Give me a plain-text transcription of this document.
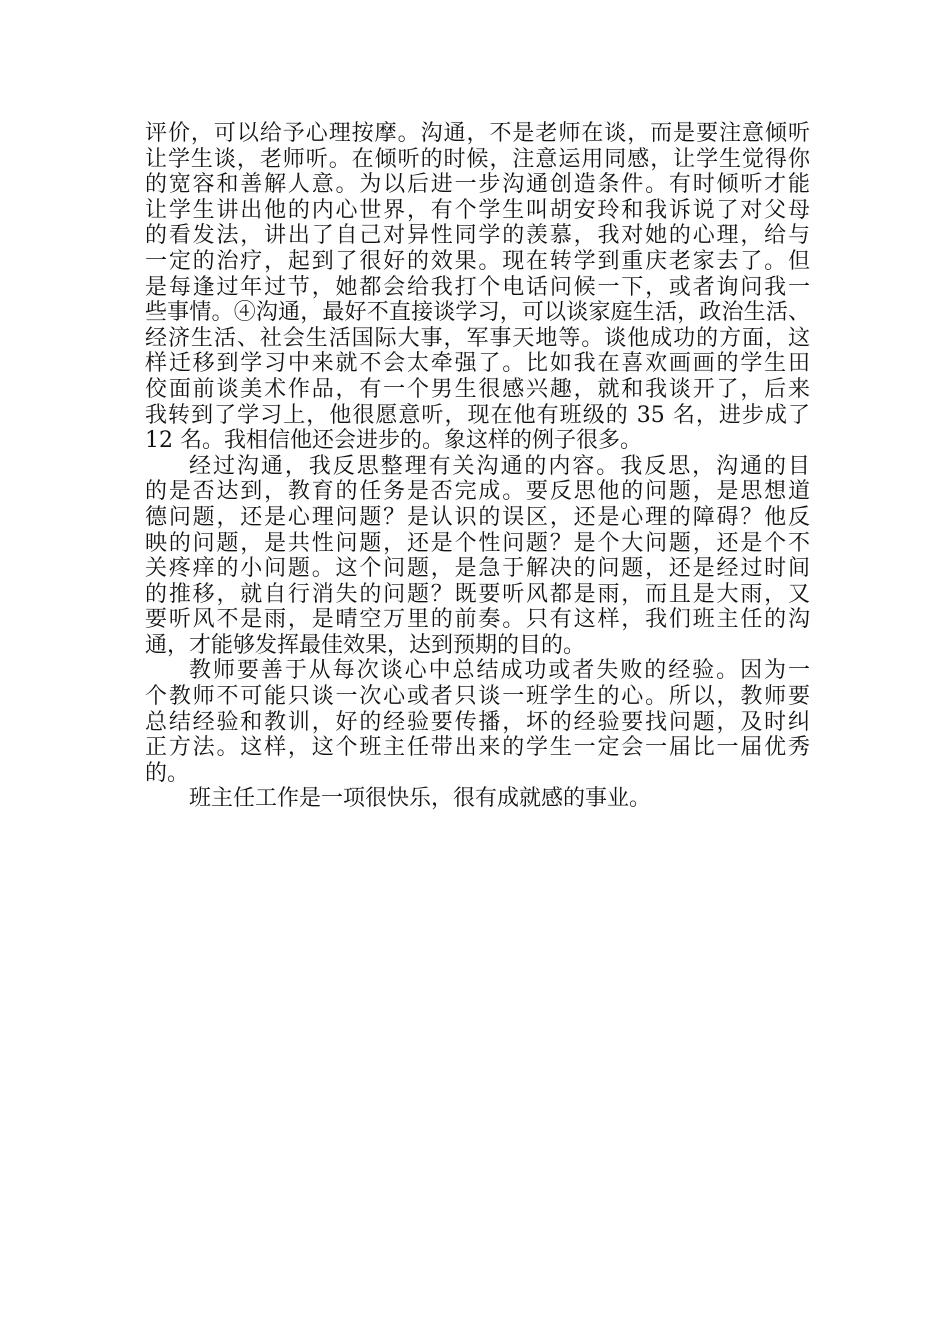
评价，可以给予心理按摩。沟通，不是老师在谈，而是要注意倾听
让学生谈，老师听。在倾听的时候，注意运用同感，让学生觉得你
的宽容和善解人意。为以后进一步沟通创造条件。有时倾听才能
让学生讲出他的内心世界，有个学生叫胡安玲和我诉说了对父母
的看发法，讲出了自己对异性同学的羡慕，我对她的心理，给与
一定的治疗，起到了很好的效果。现在转学到重庆老家去了。但
是每逢过年过节，她都会给我打个电话问候一下，或者询问我一
些事情。④沟通，最好不直接谈学习，可以谈家庭生活，政治生活、
经济生活、社会生活国际大事，军事天地等。谈他成功的方面，这
样迁移到学习中来就不会太牵强了。比如我在喜欢画画的学生田
佼面前谈美术作品，有一个男生很感兴趣，就和我谈开了，后来
我转到了学习上，他很愿意听，现在他有班级的 35 名，进步成了
12 名。我相信他还会进步的。象这样的例子很多。
经过沟通，我反思整理有关沟通的内容。我反思，沟通的目
的是否达到，教育的任务是否完成。要反思他的问题，是思想道
德问题，还是心理问题？是认识的误区，还是心理的障碍？他反
映的问题，是共性问题，还是个性问题？是个大问题，还是个不
关疼痒的小问题。这个问题，是急于解决的问题，还是经过时间
的推移，就自行消失的问题？既要听风都是雨，而且是大雨，又
要听风不是雨，是晴空万里的前奏。只有这样，我们班主任的沟
通，才能够发挥最佳效果，达到预期的目的。
教师要善于从每次谈心中总结成功或者失败的经验。因为一
个教师不可能只谈一次心或者只谈一班学生的心。所以，教师要
总结经验和教训，好的经验要传播，坏的经验要找问题，及时纠
正方法。这样，这个班主任带出来的学生一定会一届比一届优秀
的。
班主任工作是一项很快乐，很有成就感的事业。
